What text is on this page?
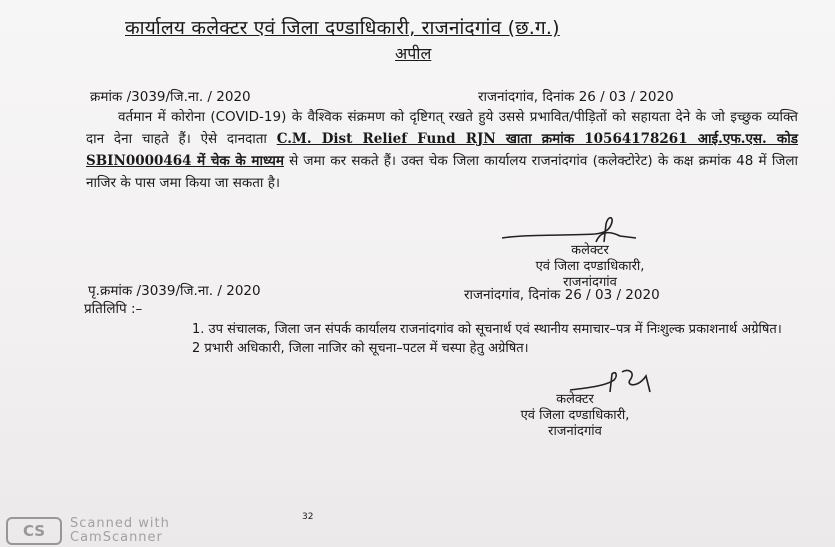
कार्यालय कलेक्टर एवं जिला दण्डाधिकारी, राजनांदगांव (छ.ग.)
अपील
क्रमांक /3039/जि.ना. / 2020	राजनांदगांव, दिनांक 26 / 03 / 2020
वर्तमान में कोरोना (COVID-19) के वैश्विक संक्रमण को दृष्टिगत् रखते हुये उससे प्रभावित/पीड़ितों को सहायता देने के जो इच्छुक व्यक्ति दान देना चाहते हैं। ऐसे दानदाता C.M. Dist Relief Fund RJN खाता क्रमांक 10564178261 आई.एफ.एस. कोड SBIN0000464 में चेक के माध्यम से जमा कर सकते हैं। उक्त चेक जिला कार्यालय राजनांदगांव (कलेक्टोरेट) के कक्ष क्रमांक 48 में जिला नाजिर के पास जमा किया जा सकता है।
कलेक्टर
एवं जिला दण्डाधिकारी,
राजनांदगांव
पृ.क्रमांक /3039/जि.ना. / 2020	राजनांदगांव, दिनांक 26 / 03 / 2020
प्रतिलिपि :–
1. उप संचालक, जिला जन संपर्क कार्यालय राजनांदगांव को सूचनार्थ एवं स्थानीय समाचार–पत्र में निःशुल्क प्रकाशनार्थ अग्रेषित।
2 प्रभारी अधिकारी, जिला नाजिर को सूचना–पटल में चस्पा हेतु अग्रेषित।
कलेक्टर
एवं जिला दण्डाधिकारी,
राजनांदगांव
32
CS	Scanned with
CamScanner
